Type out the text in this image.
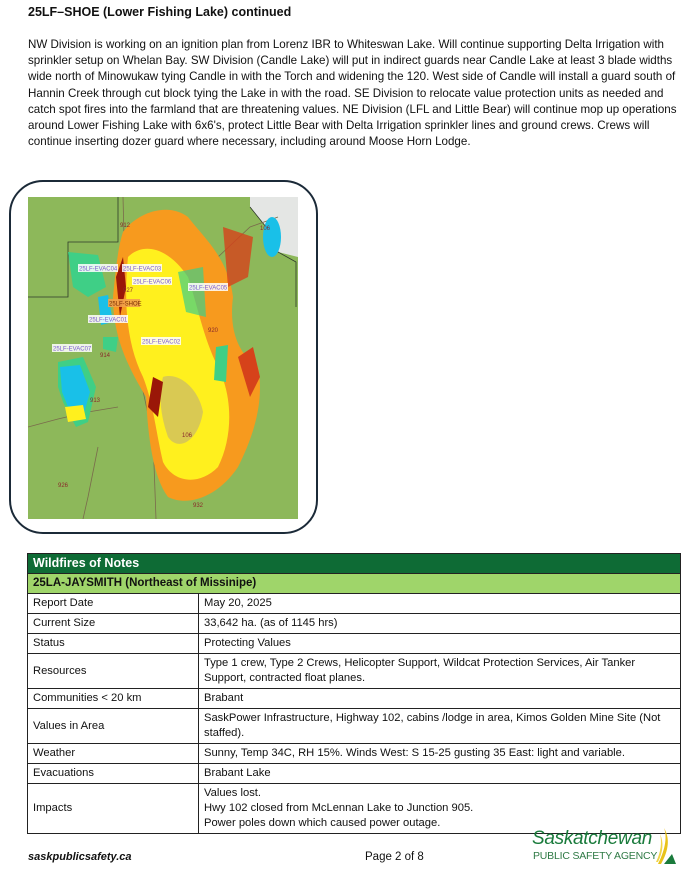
25LF–SHOE (Lower Fishing Lake) continued

NW Division is working on an ignition plan from Lorenz IBR to Whiteswan Lake. Will continue supporting Delta Irrigation with sprinkler setup on Whelan Bay. SW Division (Candle Lake) will put in indirect guards near Candle Lake at least 3 blade widths wide north of Minowukaw tying Candle in with the Torch and widening the 120. West side of Candle will install a guard south of Hannin Creek through cut block tying the Lake in with the road. SE Division to relocate value protection units as needed and catch spot fires into the farmland that are threatening values. NE Division (LFL and Little Bear) will continue mop up operations around Lower Fishing Lake with 6x6's, protect Little Bear with Delta Irrigation sprinkler lines and ground crews. Crews will continue inserting dozer guard where necessary, including around Moose Horn Lodge.

25LF-EVAC04 25LF-EVAC03
25LF-EVAC06
25LF-EVAC05
25LF-SHOE
25LF-EVAC01
25LF-EVAC07
25LF-EVAC02
912
927
106
913
926
920
932
914
106
Wildfires of Notes	
25LA-JAYSMITH (Northeast of Missinipe)	
Report Date	May 20, 2025
Current Size	33,642 ha. (as of 1145 hrs)
Status	Protecting Values
Resources	Type 1 crew, Type 2 Crews, Helicopter Support, Wildcat Protection Services, Air Tanker Support, contracted float planes.
Communities < 20 km	Brabant
Values in Area	SaskPower Infrastructure, Highway 102, cabins /lodge in area, Kimos Golden Mine Site (Not staffed).
Weather	Sunny, Temp 34C, RH 15%. Winds West: S 15-25 gusting 35 East: light and variable.
Evacuations	Brabant Lake
Impacts	Values lost.
Hwy 102 closed from McLennan Lake to Junction 905.
Power poles down which caused power outage.
saskpublicsafety.ca	Page 2 of 8
Saskatchewan
PUBLIC SAFETY AGENCY
